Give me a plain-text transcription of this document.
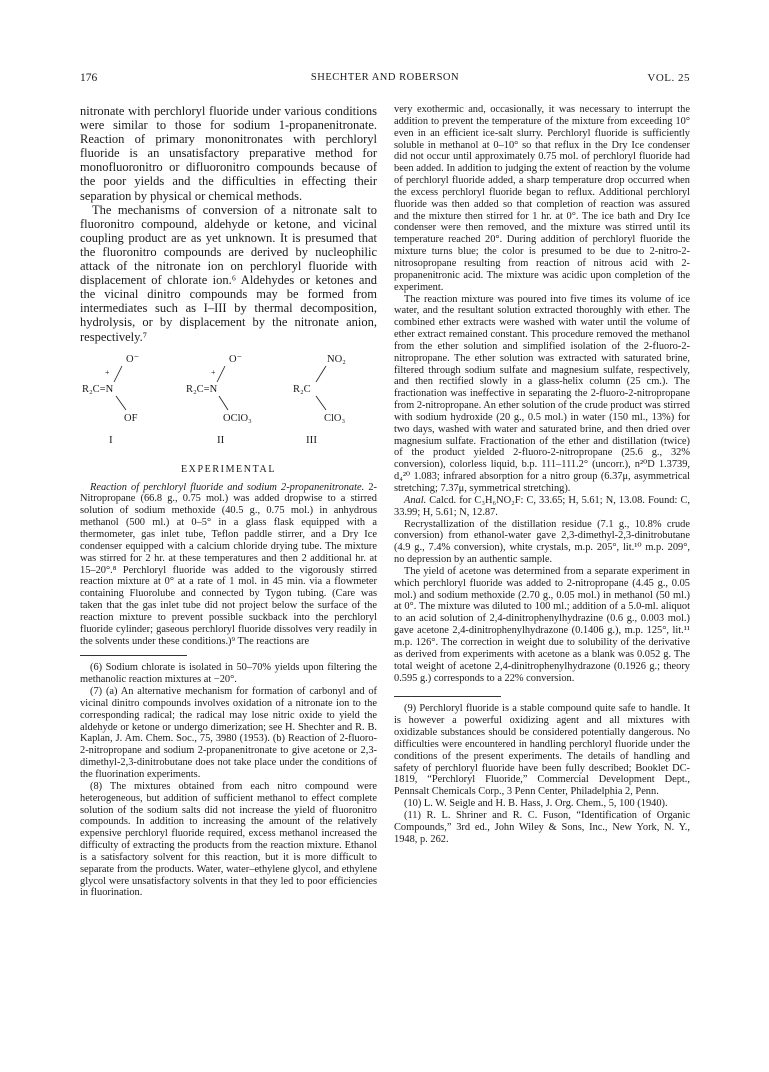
176	SHECHTER AND ROBERSON	VOL. 25

nitronate with perchloryl fluoride under various conditions were similar to those for sodium 1-propanenitronate. Reaction of primary mononitronates with perchloryl fluoride is an unsatisfactory preparative method for monofluoronitro or difluoronitro compounds because of the poor yields and the difficulties in effecting their separation by physical or chemical methods.

The mechanisms of conversion of a nitronate salt to fluoronitro compound, aldehyde or ketone, and vicinal coupling product are as yet unknown. It is presumed that the fluoronitro compounds are derived by nucleophilic attack of the nitronate ion on perchloryl fluoride with displacement of chlorate ion.⁶ Aldehydes or ketones and the vicinal dinitro compounds may be formed from intermediates such as I–III by thermal decomposition, hydrolysis, or by displacement by the nitronate anion, respectively.⁷

O⁻
+
R₂C=N
OF
I
O⁻
+
R₂C=N
OClO₃
II
NO₂
R₂C
ClO₃
III
EXPERIMENTAL

Reaction of perchloryl fluoride and sodium 2-propanenitronate. 2-Nitropropane (66.8 g., 0.75 mol.) was added dropwise to a stirred solution of sodium methoxide (40.5 g., 0.75 mol.) in anhydrous methanol (500 ml.) at 0–5° in a glass flask equipped with a thermometer, gas inlet tube, Teflon paddle stirrer, and a Dry Ice condenser equipped with a calcium chloride drying tube. The mixture was stirred for 2 hr. at these temperatures and then 2 additional hr. at 15–20°.⁸ Perchloryl fluoride was added to the vigorously stirred reaction mixture at 0° at a rate of 1 mol. in 45 min. via a flowmeter containing Fluorolube and connected by Tygon tubing. (Care was taken that the gas inlet tube did not project below the surface of the reaction mixture to prevent possible suckback into the perchloryl fluoride cylinder; gaseous perchloryl fluoride dissolves very readily in the solvents under these conditions.)⁹ The reactions are

(6) Sodium chlorate is isolated in 50–70% yields upon filtering the methanolic reaction mixtures at −20°.

(7) (a) An alternative mechanism for formation of carbonyl and of vicinal dinitro compounds involves oxidation of a nitronate ion to the corresponding radical; the radical may lose nitric oxide to yield the aldehyde or ketone or undergo dimerization; see H. Shechter and R. B. Kaplan, J. Am. Chem. Soc., 75, 3980 (1953). (b) Reaction of 2-fluoro-2-nitropropane and sodium 2-propanenitronate to give acetone or 2,3-dimethyl-2,3-dinitrobutane does not take place under the conditions of the fluorination experiments.

(8) The mixtures obtained from each nitro compound were heterogeneous, but addition of sufficient methanol to effect complete solution of the sodium salts did not increase the yield of fluoronitro compounds. In addition to increasing the amount of the relatively expensive perchloryl fluoride required, excess methanol increased the difficulty of extracting the products from the reaction mixture. Ethanol is a satisfactory solvent for this reaction, but it is more difficult to separate from the products. Water, water–ethylene glycol, and ethylene glycol were unsatisfactory solvents in that they led to poor efficiencies in fluorination.

very exothermic and, occasionally, it was necessary to interrupt the addition to prevent the temperature of the mixture from exceeding 10° even in an efficient ice-salt slurry. Perchloryl fluoride is sufficiently soluble in methanol at 0–10° so that reflux in the Dry Ice condenser did not occur until approximately 0.75 mol. of perchloryl fluoride had been added. In addition to judging the extent of reaction by the volume of perchloryl fluoride added, a sharp temperature drop occurred when the excess perchloryl fluoride began to reflux. Additional perchloryl fluoride was then added so that completion of reaction was assured and the mixture then stirred for 1 hr. at 0°. The ice bath and Dry Ice condenser were then removed, and the mixture was stirred until its temperature reached 20°. During addition of perchloryl fluoride the mixture turns blue; the color is presumed to be due to 2-nitro-2-nitrosopropane resulting from reaction of nitrous acid with 2-propanenitronic acid. The mixture was acidic upon completion of the experiment.

The reaction mixture was poured into five times its volume of ice water, and the resultant solution extracted thoroughly with ether. The combined ether extracts were washed with water until the volume of ether extract remained constant. This procedure removed the methanol from the ether solution and simplified isolation of the 2-fluoro-2-nitropropane. The ether solution was extracted with saturated brine, filtered through sodium sulfate and magnesium sulfate, respectively, and then rectified slowly in a glass-helix column (25 cm.). The fractionation was ineffective in separating the 2-fluoro-2-nitropropane from 2-nitropropane. An ether solution of the crude product was stirred with sodium hydroxide (20 g., 0.5 mol.) in water (150 ml., 13%) for two days, washed with water and saturated brine, and then dried over magnesium sulfate. Fractionation of the ether and distillation (twice) of the product yielded 2-fluoro-2-nitropropane (25.6 g., 32% conversion), colorless liquid, b.p. 111–111.2° (uncorr.), n²⁰D 1.3739, d₄²⁰ 1.083; infrared absorption for a nitro group (6.37μ, asymmetrical stretching; 7.37μ, symmetrical stretching).

Anal. Calcd. for C₃H₆NO₂F: C, 33.65; H, 5.61; N, 13.08. Found: C, 33.99; H, 5.61; N, 12.87.

Recrystallization of the distillation residue (7.1 g., 10.8% crude conversion) from ethanol-water gave 2,3-dimethyl-2,3-dinitrobutane (4.9 g., 7.4% conversion), white crystals, m.p. 205°, lit.¹⁰ m.p. 209°, no depression by an authentic sample.

The yield of acetone was determined from a separate experiment in which perchloryl fluoride was added to 2-nitropropane (4.45 g., 0.05 mol.) and sodium methoxide (2.70 g., 0.05 mol.) in methanol (50 ml.) at 0°. The mixture was diluted to 100 ml.; addition of a 5.0-ml. aliquot to an acid solution of 2,4-dinitrophenylhydrazine (0.6 g., 0.003 mol.) gave acetone 2,4-dinitrophenylhydrazone (0.1406 g.), m.p. 125°, lit.¹¹ m.p. 126°. The correction in weight due to solubility of the derivative as derived from experiments with acetone as a blank was 0.052 g. The total weight of acetone 2,4-dinitrophenylhydrazone (0.1926 g.; theory 0.595 g.) corresponds to a 22% conversion.

(9) Perchloryl fluoride is a stable compound quite safe to handle. It is however a powerful oxidizing agent and all mixtures with oxidizable substances should be considered potentially dangerous. No difficulties were encountered in handling perchloryl fluoride under the conditions of the present experiments. The details of handling and safety of perchloryl fluoride have been fully described; Booklet DC-1819, “Perchloryl Fluoride,” Commercial Development Dept., Pennsalt Chemicals Corp., 3 Penn Center, Philadelphia 2, Penn.

(10) L. W. Seigle and H. B. Hass, J. Org. Chem., 5, 100 (1940).

(11) R. L. Shriner and R. C. Fuson, “Identification of Organic Compounds,” 3rd ed., John Wiley & Sons, Inc., New York, N. Y., 1948, p. 262.
